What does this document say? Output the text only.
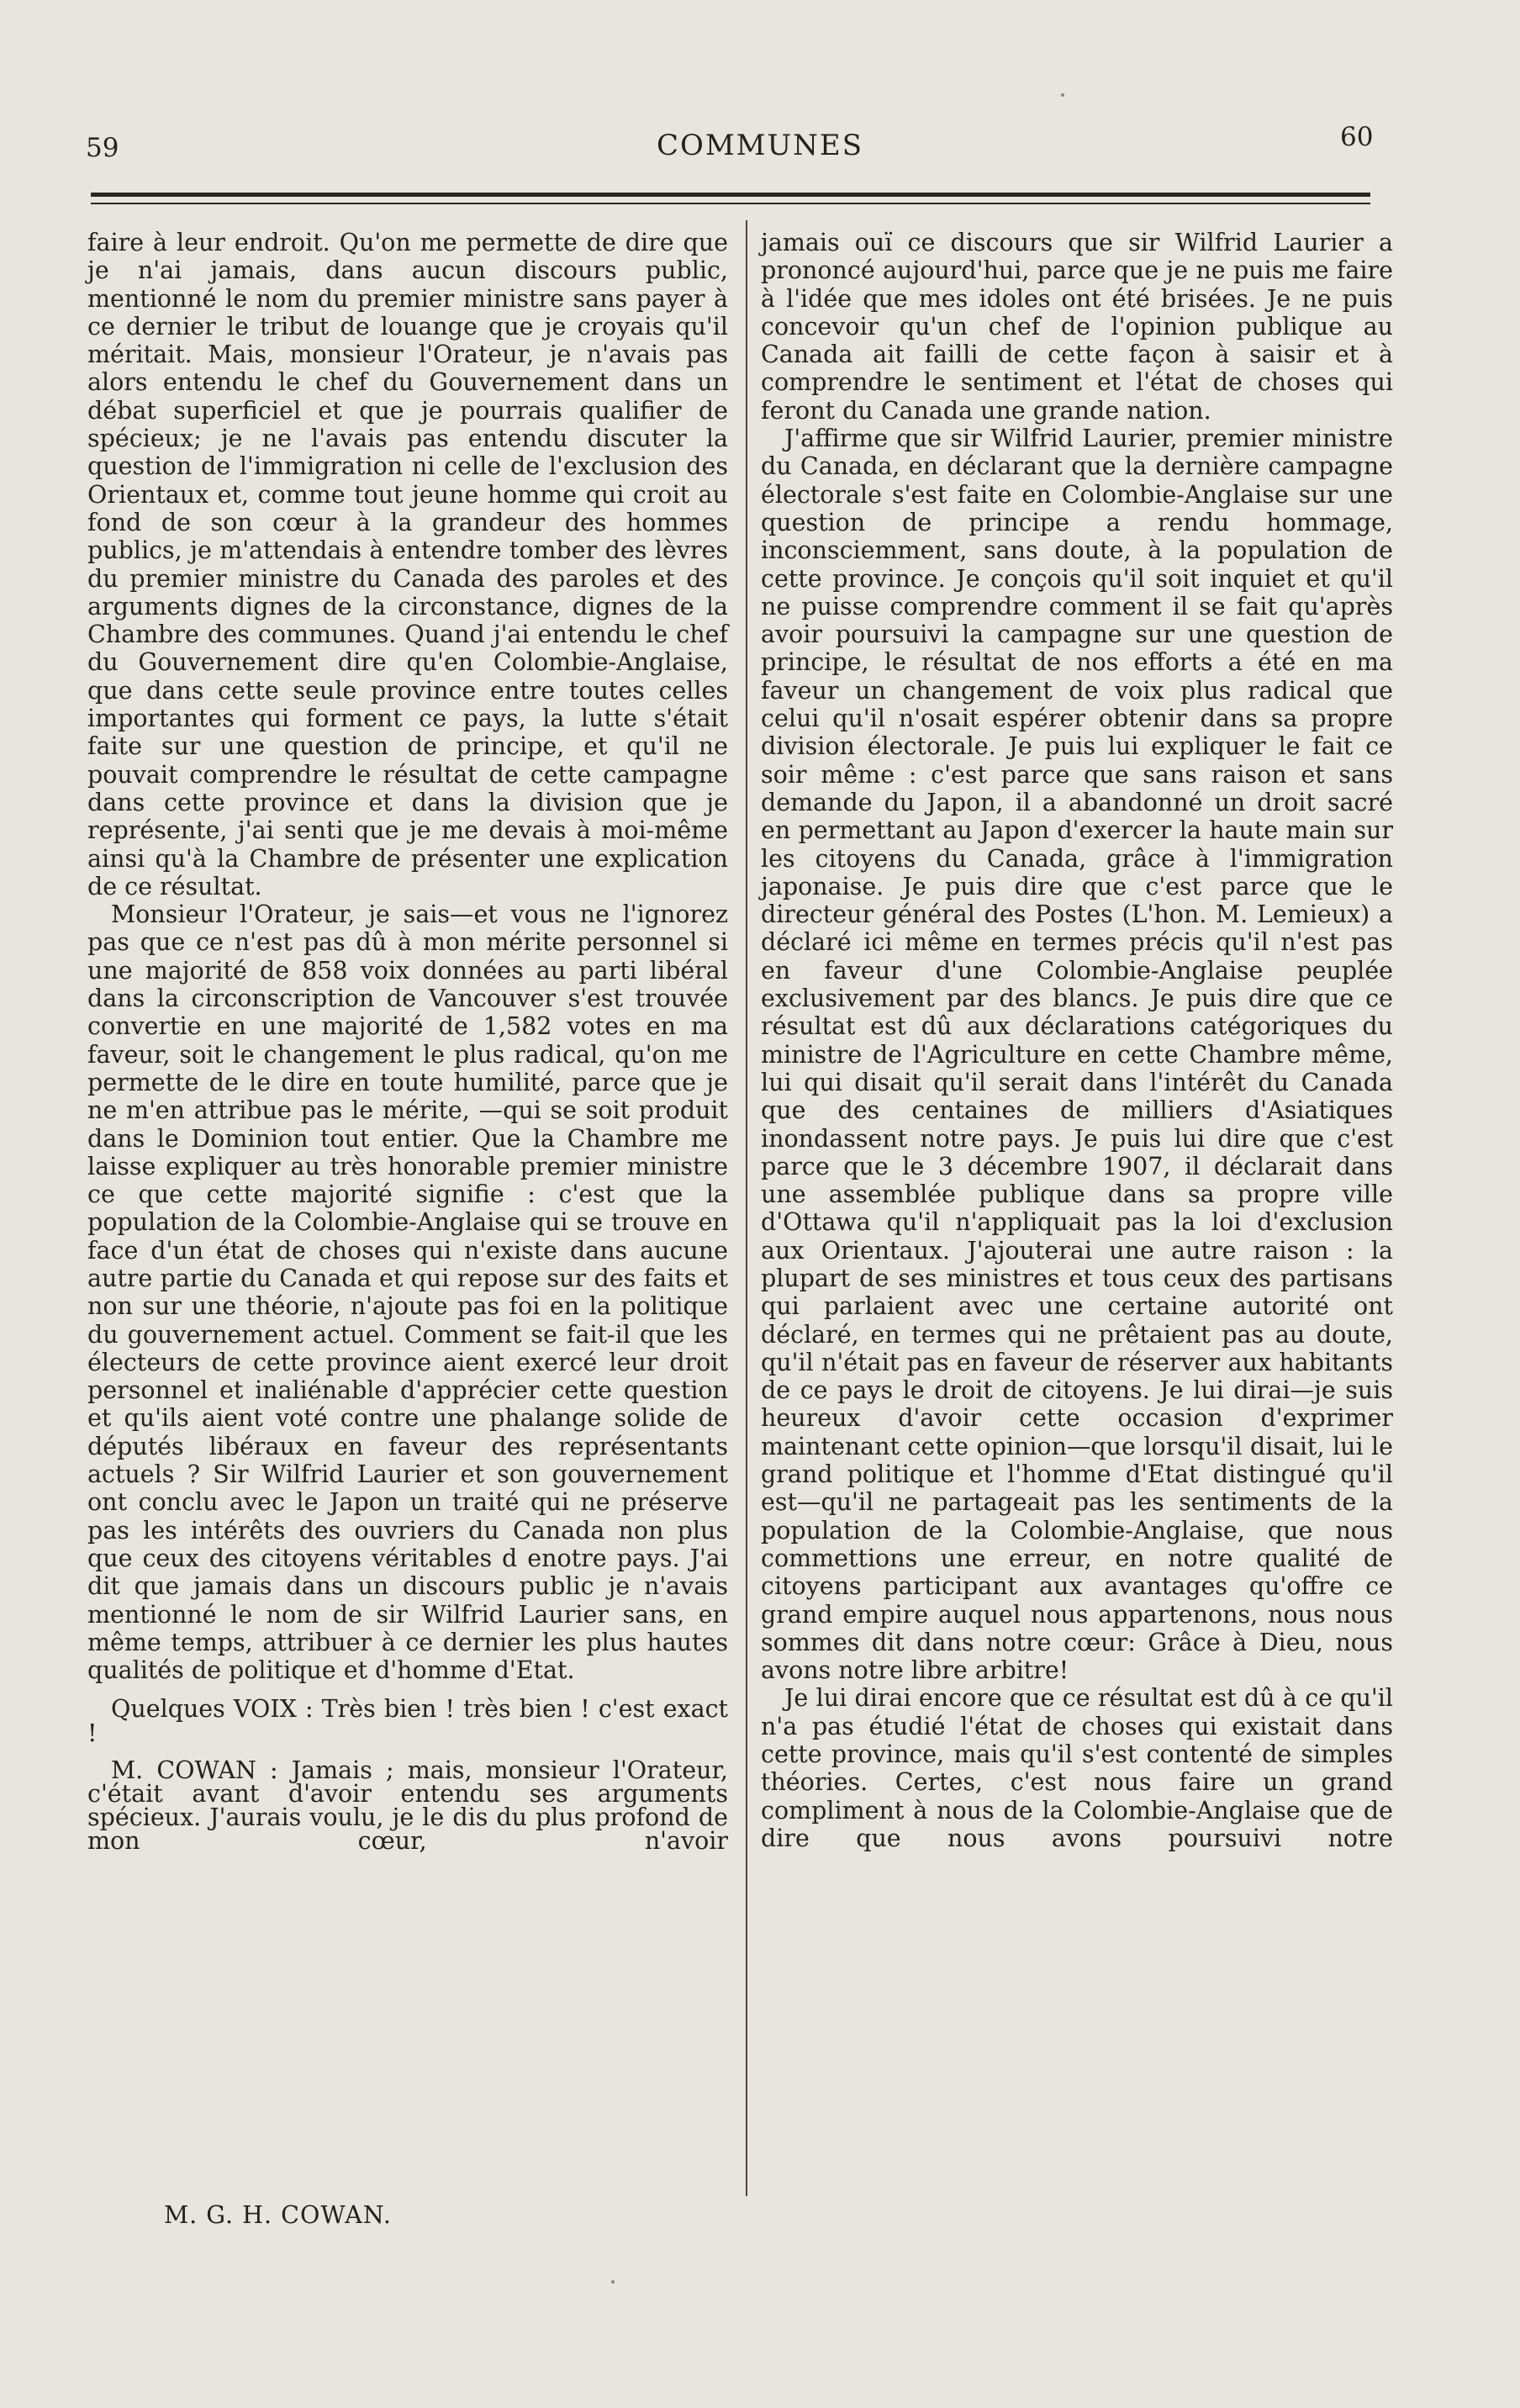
59	COMMUNES	60

faire à leur endroit. Qu'on me permette de dire que je n'ai jamais, dans aucun discours public, mentionné le nom du premier ministre sans payer à ce dernier le tribut de louange que je croyais qu'il méritait. Mais, monsieur l'Orateur, je n'avais pas alors entendu le chef du Gouvernement dans un débat superficiel et que je pourrais qualifier de spécieux; je ne l'avais pas entendu discuter la question de l'immigration ni celle de l'exclusion des Orientaux et, comme tout jeune homme qui croit au fond de son cœur à la grandeur des hommes publics, je m'attendais à entendre tomber des lèvres du premier ministre du Canada des paroles et des arguments dignes de la circonstance, dignes de la Chambre des communes. Quand j'ai entendu le chef du Gouvernement dire qu'en Colombie-Anglaise, que dans cette seule province entre toutes celles importantes qui forment ce pays, la lutte s'était faite sur une question de principe, et qu'il ne pouvait comprendre le résultat de cette campagne dans cette province et dans la division que je représente, j'ai senti que je me devais à moi-même ainsi qu'à la Chambre de présenter une explication de ce résultat.

Monsieur l'Orateur, je sais—et vous ne l'ignorez pas que ce n'est pas dû à mon mérite personnel si une majorité de 858 voix données au parti libéral dans la circonscription de Vancouver s'est trouvée convertie en une majorité de 1,582 votes en ma faveur, soit le changement le plus radical, qu'on me permette de le dire en toute humilité, parce que je ne m'en attribue pas le mérite, —qui se soit produit dans le Dominion tout entier. Que la Chambre me laisse expliquer au très honorable premier ministre ce que cette majorité signifie : c'est que la population de la Colombie-Anglaise qui se trouve en face d'un état de choses qui n'existe dans aucune autre partie du Canada et qui repose sur des faits et non sur une théorie, n'ajoute pas foi en la politique du gouvernement actuel. Comment se fait-il que les électeurs de cette province aient exercé leur droit personnel et inaliénable d'apprécier cette question et qu'ils aient voté contre une phalange solide de députés libéraux en faveur des représentants actuels ? Sir Wilfrid Laurier et son gouvernement ont conclu avec le Japon un traité qui ne préserve pas les intérêts des ouvriers du Canada non plus que ceux des citoyens véritables d enotre pays. J'ai dit que jamais dans un discours public je n'avais mentionné le nom de sir Wilfrid Laurier sans, en même temps, attribuer à ce dernier les plus hautes qualités de politique et d'homme d'Etat.

Quelques VOIX : Très bien ! très bien ! c'est exact !

M. COWAN : Jamais ; mais, monsieur l'Orateur, c'était avant d'avoir entendu ses arguments spécieux. J'aurais voulu, je le dis du plus profond de mon cœur, n'avoir

jamais ouï ce discours que sir Wilfrid Laurier a prononcé aujourd'hui, parce que je ne puis me faire à l'idée que mes idoles ont été brisées. Je ne puis concevoir qu'un chef de l'opinion publique au Canada ait failli de cette façon à saisir et à comprendre le sentiment et l'état de choses qui feront du Canada une grande nation.

J'affirme que sir Wilfrid Laurier, premier ministre du Canada, en déclarant que la dernière campagne électorale s'est faite en Colombie-Anglaise sur une question de principe a rendu hommage, inconsciemment, sans doute, à la population de cette province. Je conçois qu'il soit inquiet et qu'il ne puisse comprendre comment il se fait qu'après avoir poursuivi la campagne sur une question de principe, le résultat de nos efforts a été en ma faveur un changement de voix plus radical que celui qu'il n'osait espérer obtenir dans sa propre division électorale. Je puis lui expliquer le fait ce soir même : c'est parce que sans raison et sans demande du Japon, il a abandonné un droit sacré en permettant au Japon d'exercer la haute main sur les citoyens du Canada, grâce à l'immigration japonaise. Je puis dire que c'est parce que le directeur général des Postes (L'hon. M. Lemieux) a déclaré ici même en termes précis qu'il n'est pas en faveur d'une Colombie-Anglaise peuplée exclusivement par des blancs. Je puis dire que ce résultat est dû aux déclarations catégoriques du ministre de l'Agriculture en cette Chambre même, lui qui disait qu'il serait dans l'intérêt du Canada que des centaines de milliers d'Asiatiques inondassent notre pays. Je puis lui dire que c'est parce que le 3 décembre 1907, il déclarait dans une assemblée publique dans sa propre ville d'Ottawa qu'il n'appliquait pas la loi d'exclusion aux Orientaux. J'ajouterai une autre raison : la plupart de ses ministres et tous ceux des partisans qui parlaient avec une certaine autorité ont déclaré, en termes qui ne prêtaient pas au doute, qu'il n'était pas en faveur de réserver aux habitants de ce pays le droit de citoyens. Je lui dirai—je suis heureux d'avoir cette occasion d'exprimer maintenant cette opinion—que lorsqu'il disait, lui le grand politique et l'homme d'Etat distingué qu'il est—qu'il ne partageait pas les sentiments de la population de la Colombie-Anglaise, que nous commettions une erreur, en notre qualité de citoyens participant aux avantages qu'offre ce grand empire auquel nous appartenons, nous nous sommes dit dans notre cœur: Grâce à Dieu, nous avons notre libre arbitre!

Je lui dirai encore que ce résultat est dû à ce qu'il n'a pas étudié l'état de choses qui existait dans cette province, mais qu'il s'est contenté de simples théories. Certes, c'est nous faire un grand compliment à nous de la Colombie-Anglaise que de dire que nous avons poursuivi notre

M. G. H. COWAN.
